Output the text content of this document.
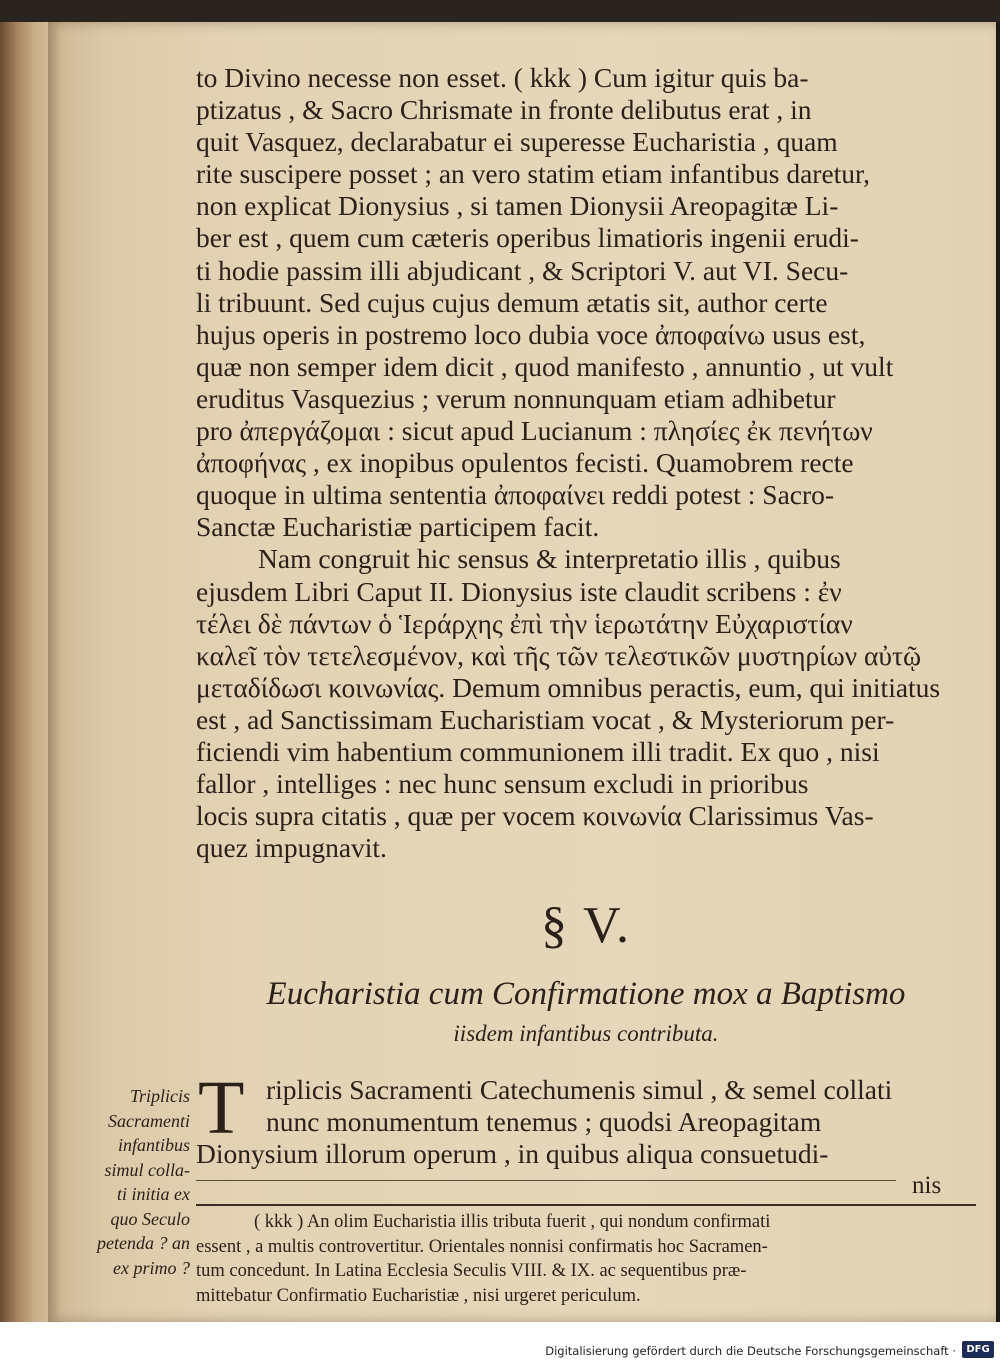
to Divino necesse non esset. ( kkk ) Cum igitur quis ba-
ptizatus , & Sacro Chrismate in fronte delibutus erat , in
quit Vasquez, declarabatur ei superesse Eucharistia , quam
rite suscipere posset ; an vero statim etiam infantibus daretur,
non explicat Dionysius , si tamen Dionysii Areopagitæ Li-
ber est , quem cum cæteris operibus limatioris ingenii erudi-
ti hodie passim illi abjudicant , & Scriptori V. aut VI. Secu-
li tribuunt. Sed cujus cujus demum ætatis sit, author certe
hujus operis in postremo loco dubia voce ἀποφαίνω usus est,
quæ non semper idem dicit , quod manifesto , annuntio , ut vult
eruditus Vasquezius ; verum nonnunquam etiam adhibetur
pro ἀπεργάζομαι : sicut apud Lucianum : πλησίες ἐκ πενήτων
ἀποφήνας , ex inopibus opulentos fecisti. Quamobrem recte
quoque in ultima sententia ἀποφαίνει reddi potest : Sacro-
Sanctæ Eucharistiæ participem facit.
Nam congruit hic sensus & interpretatio illis , quibus
ejusdem Libri Caput II. Dionysius iste claudit scribens : ἐν
τέλει δὲ πάντων ὁ Ἱεράρχης ἐπὶ τὴν ἱερωτάτην Εὐχαριστίαν
καλεῖ τὸν τετελεσμένον, καὶ τῆς τῶν τελεστικῶν μυστηρίων αὐτῷ
μεταδίδωσι κοινωνίας. Demum omnibus peractis, eum, qui initiatus
est , ad Sanctissimam Eucharistiam vocat , & Mysteriorum per-
ficiendi vim habentium communionem illi tradit. Ex quo , nisi
fallor , intelliges : nec hunc sensum excludi in prioribus
locis supra citatis , quæ per vocem κοινωνία Clarissimus Vas-
quez impugnavit.
§ V.
Eucharistia cum Confirmatione mox a Baptismo
iisdem infantibus contributa.
Triplicis
Sacramenti
infantibus
simul colla-
ti initia ex
quo Seculo
petenda ? an
ex primo ?
T riplicis Sacramenti Catechumenis simul , & semel collati
nunc monumentum tenemus ; quodsi Areopagitam
Dionysium illorum operum , in quibus aliqua consuetudi-
nis
( kkk ) An olim Eucharistia illis tributa fuerit , qui nondum confirmati
essent , a multis controvertitur. Orientales nonnisi confirmatis hoc Sacramen-
tum concedunt. In Latina Ecclesia Seculis VIII. & IX. ac sequentibus præ-
mittebatur Confirmatio Eucharistiæ , nisi urgeret periculum.
Digitalisierung gefördert durch die Deutsche Forschungsgemeinschaft ·	DFG
